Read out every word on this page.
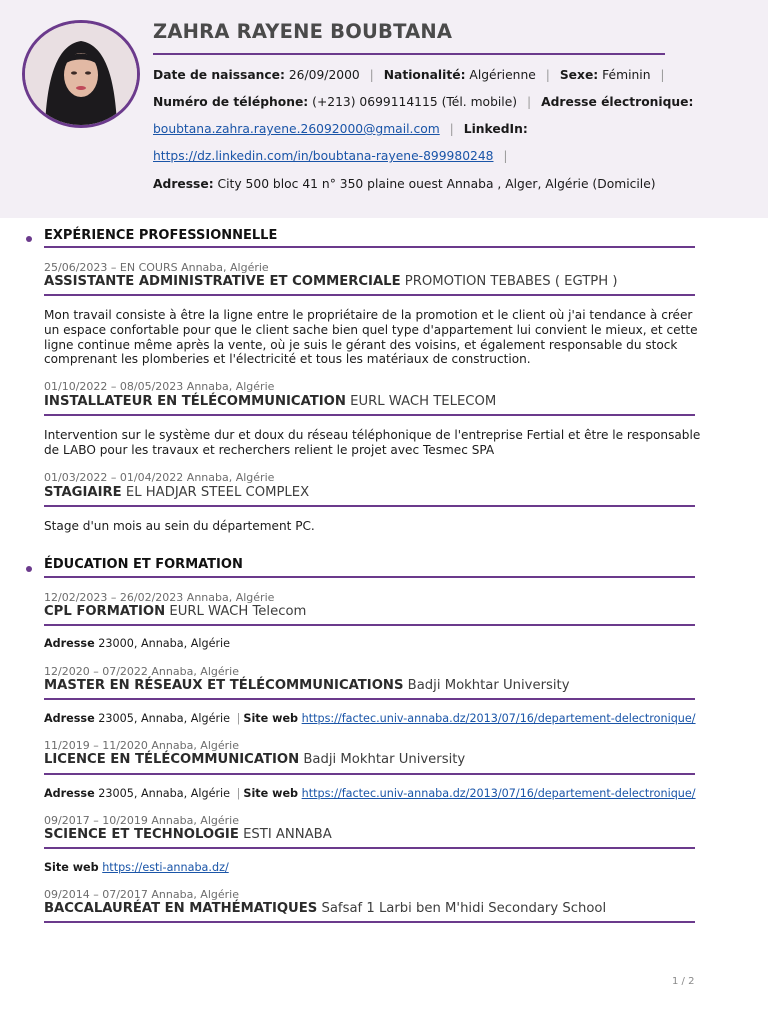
ZAHRA RAYENE BOUBTANA
Date de naissance: 26/09/2000 | Nationalité: Algérienne | Sexe: Féminin |
Numéro de téléphone: (+213) 0699114115 (Tél. mobile) | Adresse électronique:
boubtana.zahra.rayene.26092000@gmail.com | LinkedIn:
https://dz.linkedin.com/in/boubtana-rayene-899980248 |
Adresse: City 500 bloc 41 n° 350 plaine ouest Annaba , Alger, Algérie (Domicile)
EXPÉRIENCE PROFESSIONNELLE
25/06/2023 – EN COURS Annaba, Algérie
ASSISTANTE ADMINISTRATIVE ET COMMERCIALE PROMOTION TEBABES ( EGTPH )

Mon travail consiste à être la ligne entre le propriétaire de la promotion et le client où j'ai tendance à créer un espace confortable pour que le client sache bien quel type d'appartement lui convient le mieux, et cette ligne continue même après la vente, où je suis le gérant des voisins, et également responsable du stock comprenant les plomberies et l'électricité et tous les matériaux de construction.

01/10/2022 – 08/05/2023 Annaba, Algérie
INSTALLATEUR EN TÉLÉCOMMUNICATION EURL WACH TELECOM

Intervention sur le système dur et doux du réseau téléphonique de l'entreprise Fertial et être le responsable de LABO pour les travaux et recherchers relient le projet avec Tesmec SPA

01/03/2022 – 01/04/2022 Annaba, Algérie
STAGIAIRE EL HADJAR STEEL COMPLEX

Stage d'un mois au sein du département PC.

ÉDUCATION ET FORMATION
12/02/2023 – 26/02/2023 Annaba, Algérie
CPL FORMATION EURL WACH Telecom
Adresse 23000, Annaba, Algérie
12/2020 – 07/2022 Annaba, Algérie
MASTER EN RÉSEAUX ET TÉLÉCOMMUNICATIONS Badji Mokhtar University
Adresse 23005, Annaba, Algérie | Site web https://factec.univ-annaba.dz/2013/07/16/departement-delectronique/
11/2019 – 11/2020 Annaba, Algérie
LICENCE EN TÉLÉCOMMUNICATION Badji Mokhtar University
Adresse 23005, Annaba, Algérie | Site web https://factec.univ-annaba.dz/2013/07/16/departement-delectronique/
09/2017 – 10/2019 Annaba, Algérie
SCIENCE ET TECHNOLOGIE ESTI ANNABA
Site web https://esti-annaba.dz/
09/2014 – 07/2017 Annaba, Algérie
BACCALAURÉAT EN MATHÉMATIQUES Safsaf 1 Larbi ben M'hidi Secondary School
1 / 2
